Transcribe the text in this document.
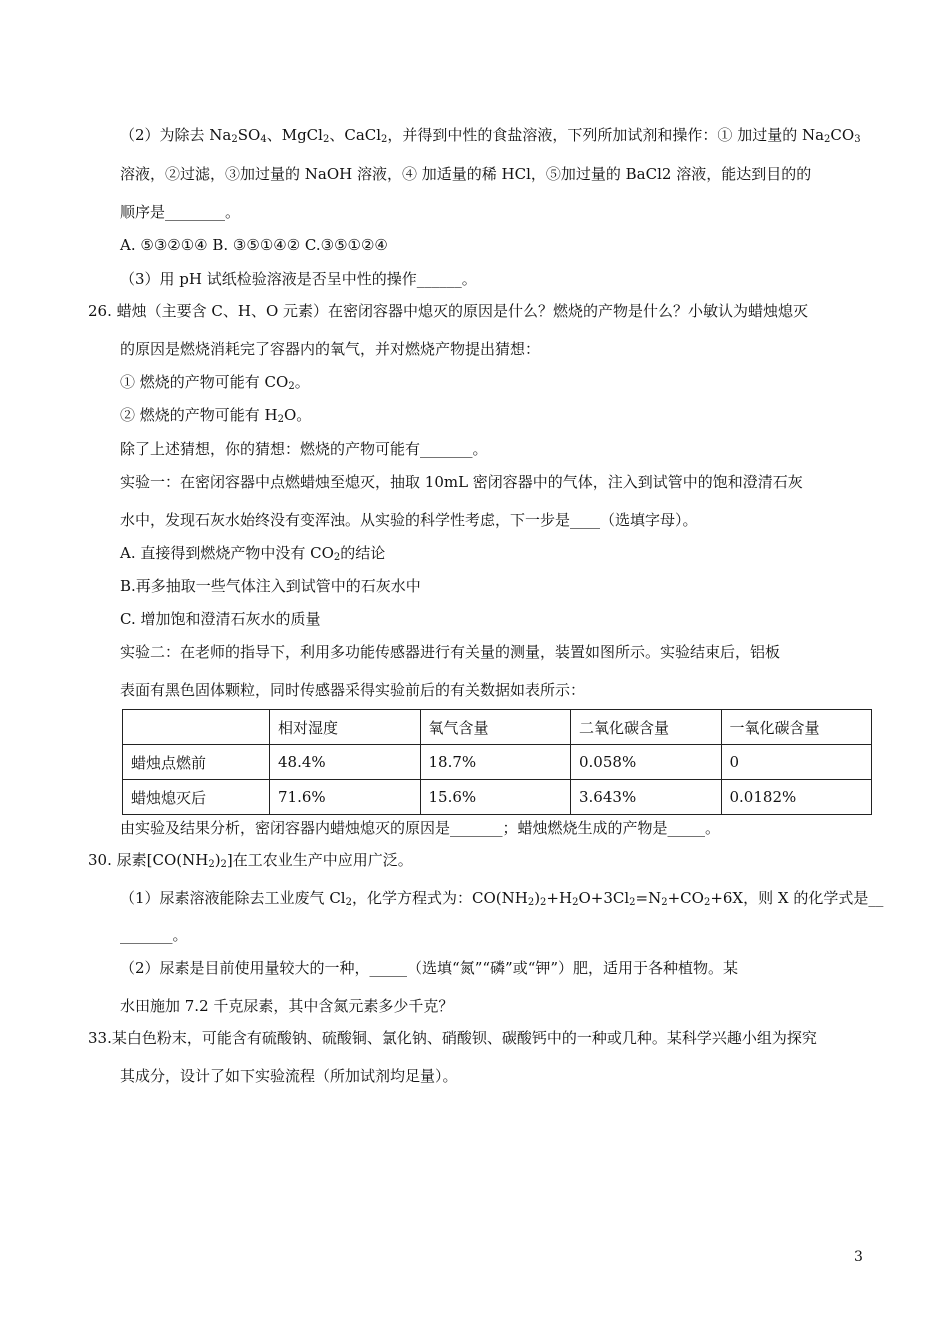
（2）为除去 $Na_2SO_4$、MgCl$_2$、CaCl$_2$，并得到中性的食盐溶液，下列所加试剂和操作：① 加过量的 $Na_2CO_3$
溶液，②过滤，③加过量的 NaOH 溶液，④ 加适量的稀 HCl，⑤加过量的 BaCl2 溶液，能达到目的的
顺序是________。
A. ⑤③②①④ B. ③⑤①④② C.③⑤①②④
（3）用 pH 试纸检验溶液是否呈中性的操作______。
26. 蜡烛（主要含 C、H、O 元素）在密闭容器中熄灭的原因是什么？燃烧的产物是什么？小敏认为蜡烛熄灭
的原因是燃烧消耗完了容器内的氧气，并对燃烧产物提出猜想：
① 燃烧的产物可能有 $CO_2$。
② 燃烧的产物可能有 $H_2O$。
除了上述猜想，你的猜想：燃烧的产物可能有_______。
实验一：在密闭容器中点燃蜡烛至熄灭，抽取 10mL 密闭容器中的气体，注入到试管中的饱和澄清石灰
水中，发现石灰水始终没有变浑浊。从实验的科学性考虑，下一步是____（选填字母）。
A. 直接得到燃烧产物中没有 $CO_2$的结论
B.再多抽取一些气体注入到试管中的石灰水中
C. 增加饱和澄清石灰水的质量
实验二：在老师的指导下，利用多功能传感器进行有关量的测量，装置如图所示。实验结束后，铝板
表面有黑色固体颗粒，同时传感器采得实验前后的有关数据如表所示：
	相对湿度	氧气含量	二氧化碳含量	一氧化碳含量
蜡烛点燃前	48.4%	18.7%	0.058%	0
蜡烛熄灭后	71.6%	15.6%	3.643%	0.0182%
由实验及结果分析，密闭容器内蜡烛熄灭的原因是_______；蜡烛燃烧生成的产物是_____。
30. 尿素$[CO(NH_2)_2]$在工农业生产中应用广泛。
（1）尿素溶液能除去工业废气 $Cl_2$，化学方程式为：$CO(NH_2)_2+H_2O+3Cl_2=N_2+CO_2+6X$，则 X 的化学式是__
_______。
（2）尿素是目前使用量较大的一种，_____（选填“氮”“磷”或“钾”）肥，适用于各种植物。某
水田施加 7.2 千克尿素，其中含氮元素多少千克？
33.某白色粉末，可能含有硫酸钠、硫酸铜、氯化钠、硝酸钡、碳酸钙中的一种或几种。某科学兴趣小组为探究
其成分，设计了如下实验流程（所加试剂均足量）。
3
